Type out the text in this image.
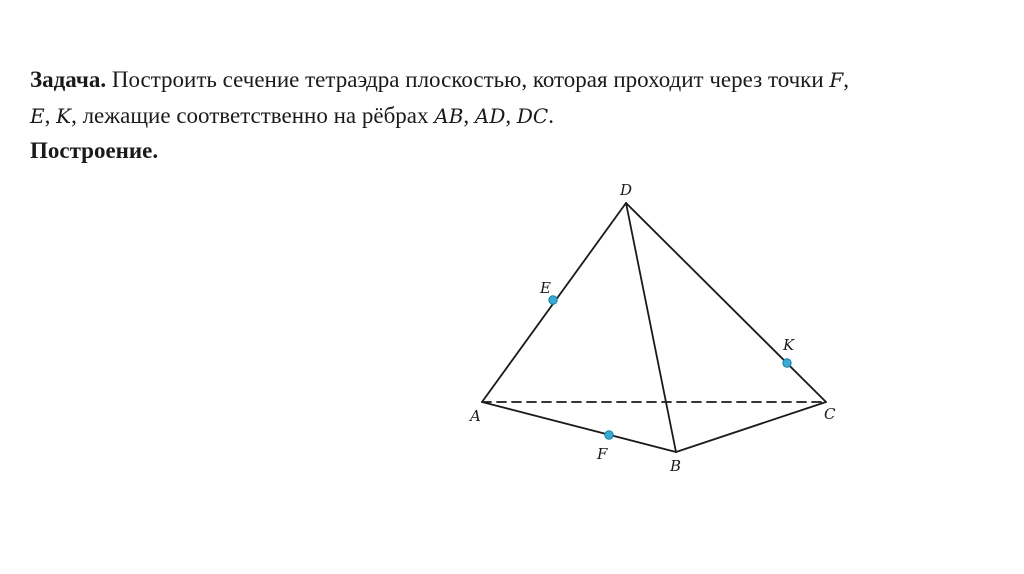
Задача. Построить сечение тетраэдра плоскостью, которая проходит через точки F,
E, K, лежащие соответственно на рёбрах AB, AD, DC.

Построение.

D
E
K
A	C
F
B
